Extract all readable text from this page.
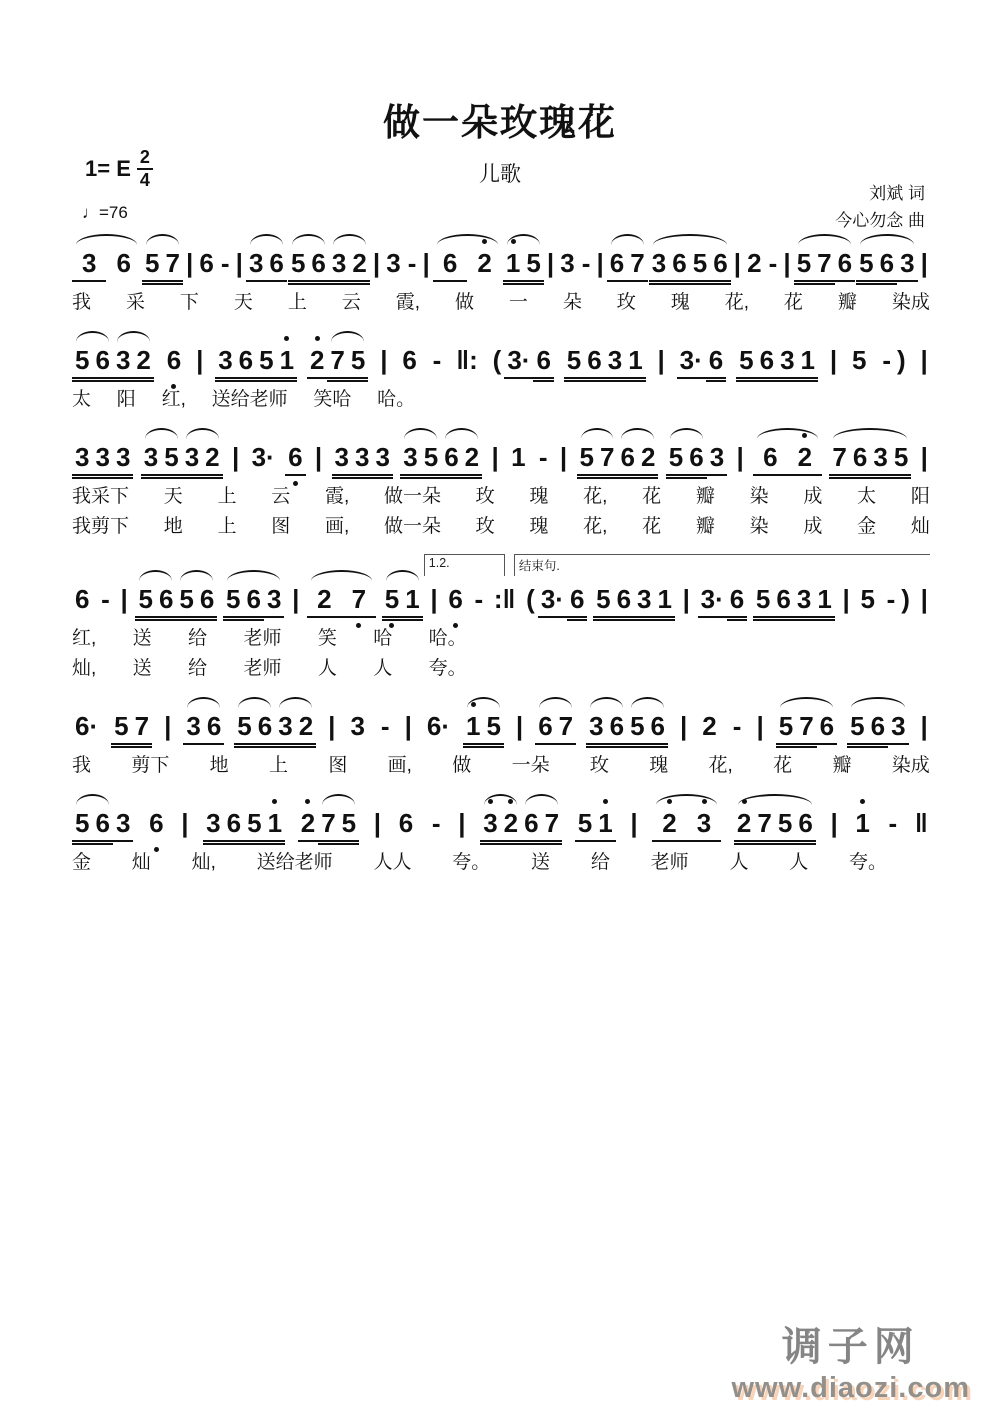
做一朵玫瑰花
儿歌
1= E $\frac{2}{4}$
♩=76
刘斌 词
今心勿念 曲
3 6 5 7 | 6 - | 3 6 5 6 3 2 | 3 - | 6 2 1 5 | 3 - | 6 7 3 6 5 6 | 2 - | 5 7 6 5 6 3 |
我 采 下 天 上 云 霞, 做 一 朵 玫 瑰 花, 花 瓣 染成
5 6 3 2 6 | 3 6 5 1 2 7 5 | 6 - ‖: ( 3· 6 5 6 3 1 | 3· 6 5 6 3 1 | 5 - ) |
太 阳 红, 送给老师 笑哈 哈。
3 3 3 3 5 3 2 | 3· 6 | 3 3 3 3 5 6 2 | 1 - | 5 7 6 2 5 6 3 | 6 2 7 6 3 5 |
我采下 天 上 云 霞, 做一朵 玫 瑰 花, 花 瓣 染 成 太 阳
我剪下 地 上 图 画, 做一朵 玫 瑰 花, 花 瓣 染 成 金 灿
1.2.	结束句.
6 - | 5 6 5 6 5 6 3 | 2 7 5 1 | 6 - :‖ ( 3· 6 5 6 3 1 | 3· 6 5 6 3 1 | 5 - ) |
红, 送 给 老师 笑 哈 哈。
灿, 送 给 老师 人 人 夸。
6· 5 7 | 3 6 5 6 3 2 | 3 - | 6· 1 5 | 6 7 3 6 5 6 | 2 - | 5 7 6 5 6 3 |
我 剪下 地 上 图 画, 做 一朵 玫 瑰 花, 花 瓣 染成
5 6 3 6 | 3 6 5 1 2 7 5 | 6 - | 3 2 6 7 5 1 | 2 3 2 7 5 6 | 1 - ‖
金 灿 灿, 送给老师 人人 夸。 送 给 老师 人 人 夸。
调子网
www.diaozi.com
